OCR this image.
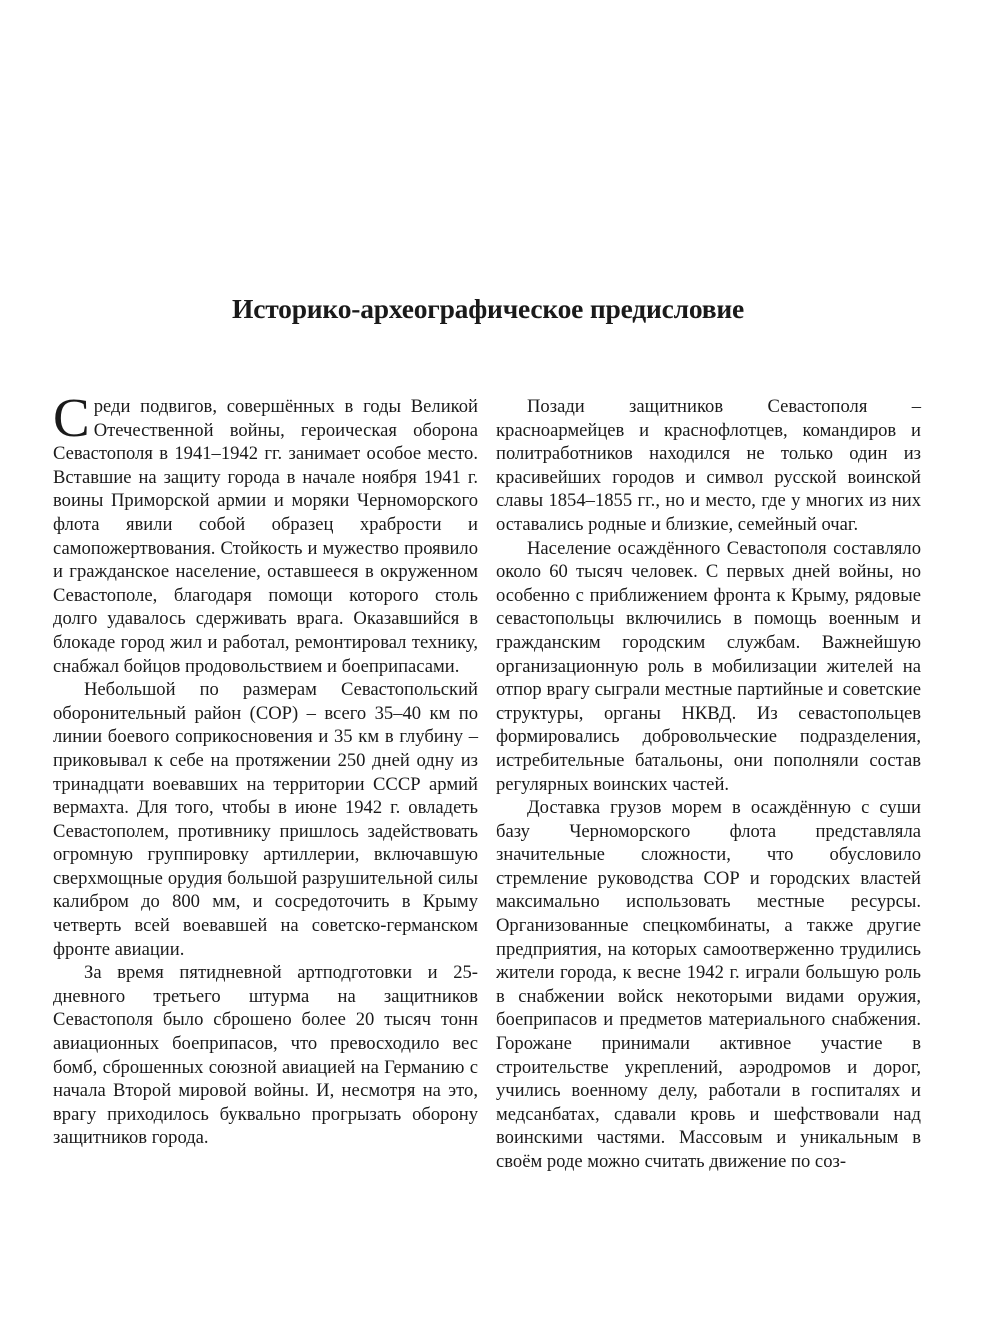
Историко-археографическое предисловие

Среди подвигов, совершённых в годы Великой Отечественной войны, героическая оборона Севастополя в 1941–1942 гг. занимает особое место. Вставшие на защиту города в начале ноября 1941 г. воины Приморской армии и моряки Черноморского флота явили собой образец храбрости и самопожертвования. Стойкость и мужество проявило и гражданское население, оставшееся в окруженном Севастополе, благодаря помощи которого столь долго удавалось сдерживать врага. Оказавшийся в блокаде город жил и работал, ремонтировал технику, снабжал бойцов продовольствием и боеприпасами.

Небольшой по размерам Севастопольский оборонительный район (СОР) – всего 35–40 км по линии боевого соприкосновения и 35 км в глубину – приковывал к себе на протяжении 250 дней одну из тринадцати воевавших на территории СССР армий вермахта. Для того, чтобы в июне 1942 г. овладеть Севастополем, противнику пришлось задействовать огромную группировку артиллерии, включавшую сверхмощные орудия большой разрушительной силы калибром до 800 мм, и сосредоточить в Крыму четверть всей воевавшей на советско-германском фронте авиации.

За время пятидневной артподготовки и 25-дневного третьего штурма на защитников Севастополя было сброшено более 20 тысяч тонн авиационных боеприпасов, что превосходило вес бомб, сброшенных союзной авиацией на Германию с начала Второй мировой войны. И, несмотря на это, врагу приходилось буквально прогрызать оборону защитников города.

Позади защитников Севастополя – красноармейцев и краснофлотцев, командиров и политработников находился не только один из красивейших городов и символ русской воинской славы 1854–1855 гг., но и место, где у многих из них оставались родные и близкие, семейный очаг.

Население осаждённого Севастополя составляло около 60 тысяч человек. С первых дней войны, но особенно с приближением фронта к Крыму, рядовые севастопольцы включились в помощь военным и гражданским городским службам. Важнейшую организационную роль в мобилизации жителей на отпор врагу сыграли местные партийные и советские структуры, органы НКВД. Из севастопольцев формировались добровольческие подразделения, истребительные батальоны, они пополняли состав регулярных воинских частей.

Доставка грузов морем в осаждённую с суши базу Черноморского флота представляла значительные сложности, что обусловило стремление руководства СОР и городских властей максимально использовать местные ресурсы. Организованные спецкомбинаты, а также другие предприятия, на которых самоотверженно трудились жители города, к весне 1942 г. играли большую роль в снабжении войск некоторыми видами оружия, боеприпасов и предметов материального снабжения. Горожане принимали активное участие в строительстве укреплений, аэродромов и дорог, учились военному делу, работали в госпиталях и медсанбатах, сдавали кровь и шефствовали над воинскими частями. Массовым и уникальным в своём роде можно считать движение по соз-
